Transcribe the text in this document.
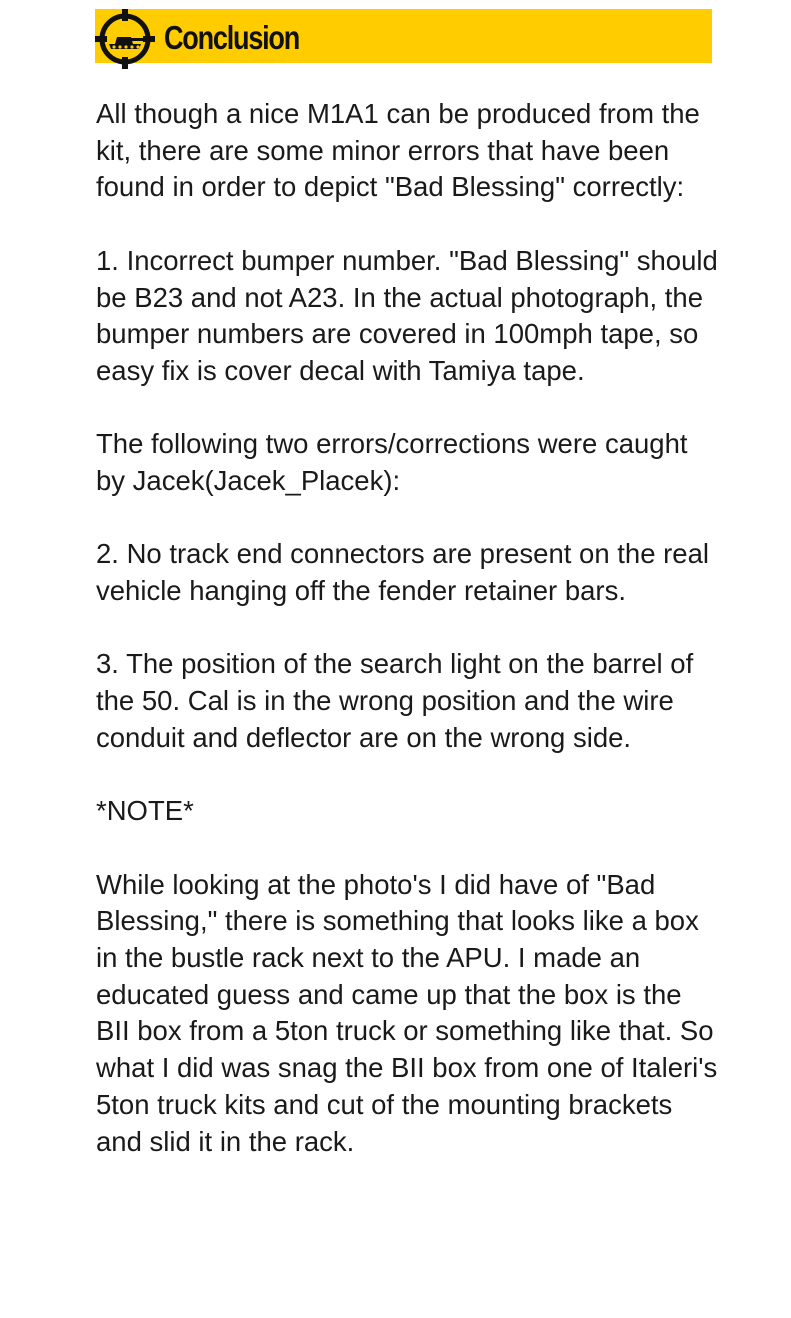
Conclusion

All though a nice M1A1 can be produced from the kit, there are some minor errors that have been found in order to depict "Bad Blessing" correctly:

1. Incorrect bumper number. "Bad Blessing" should be B23 and not A23. In the actual photograph, the bumper numbers are covered in 100mph tape, so easy fix is cover decal with Tamiya tape.

The following two errors/corrections were caught by Jacek(Jacek_Placek):

2. No track end connectors are present on the real vehicle hanging off the fender retainer bars.

3. The position of the search light on the barrel of the 50. Cal is in the wrong position and the wire conduit and deflector are on the wrong side.

*NOTE*

While looking at the photo's I did have of "Bad Blessing," there is something that looks like a box in the bustle rack next to the APU. I made an educated guess and came up that the box is the BII box from a 5ton truck or something like that. So what I did was snag the BII box from one of Italeri's 5ton truck kits and cut of the mounting brackets and slid it in the rack.
